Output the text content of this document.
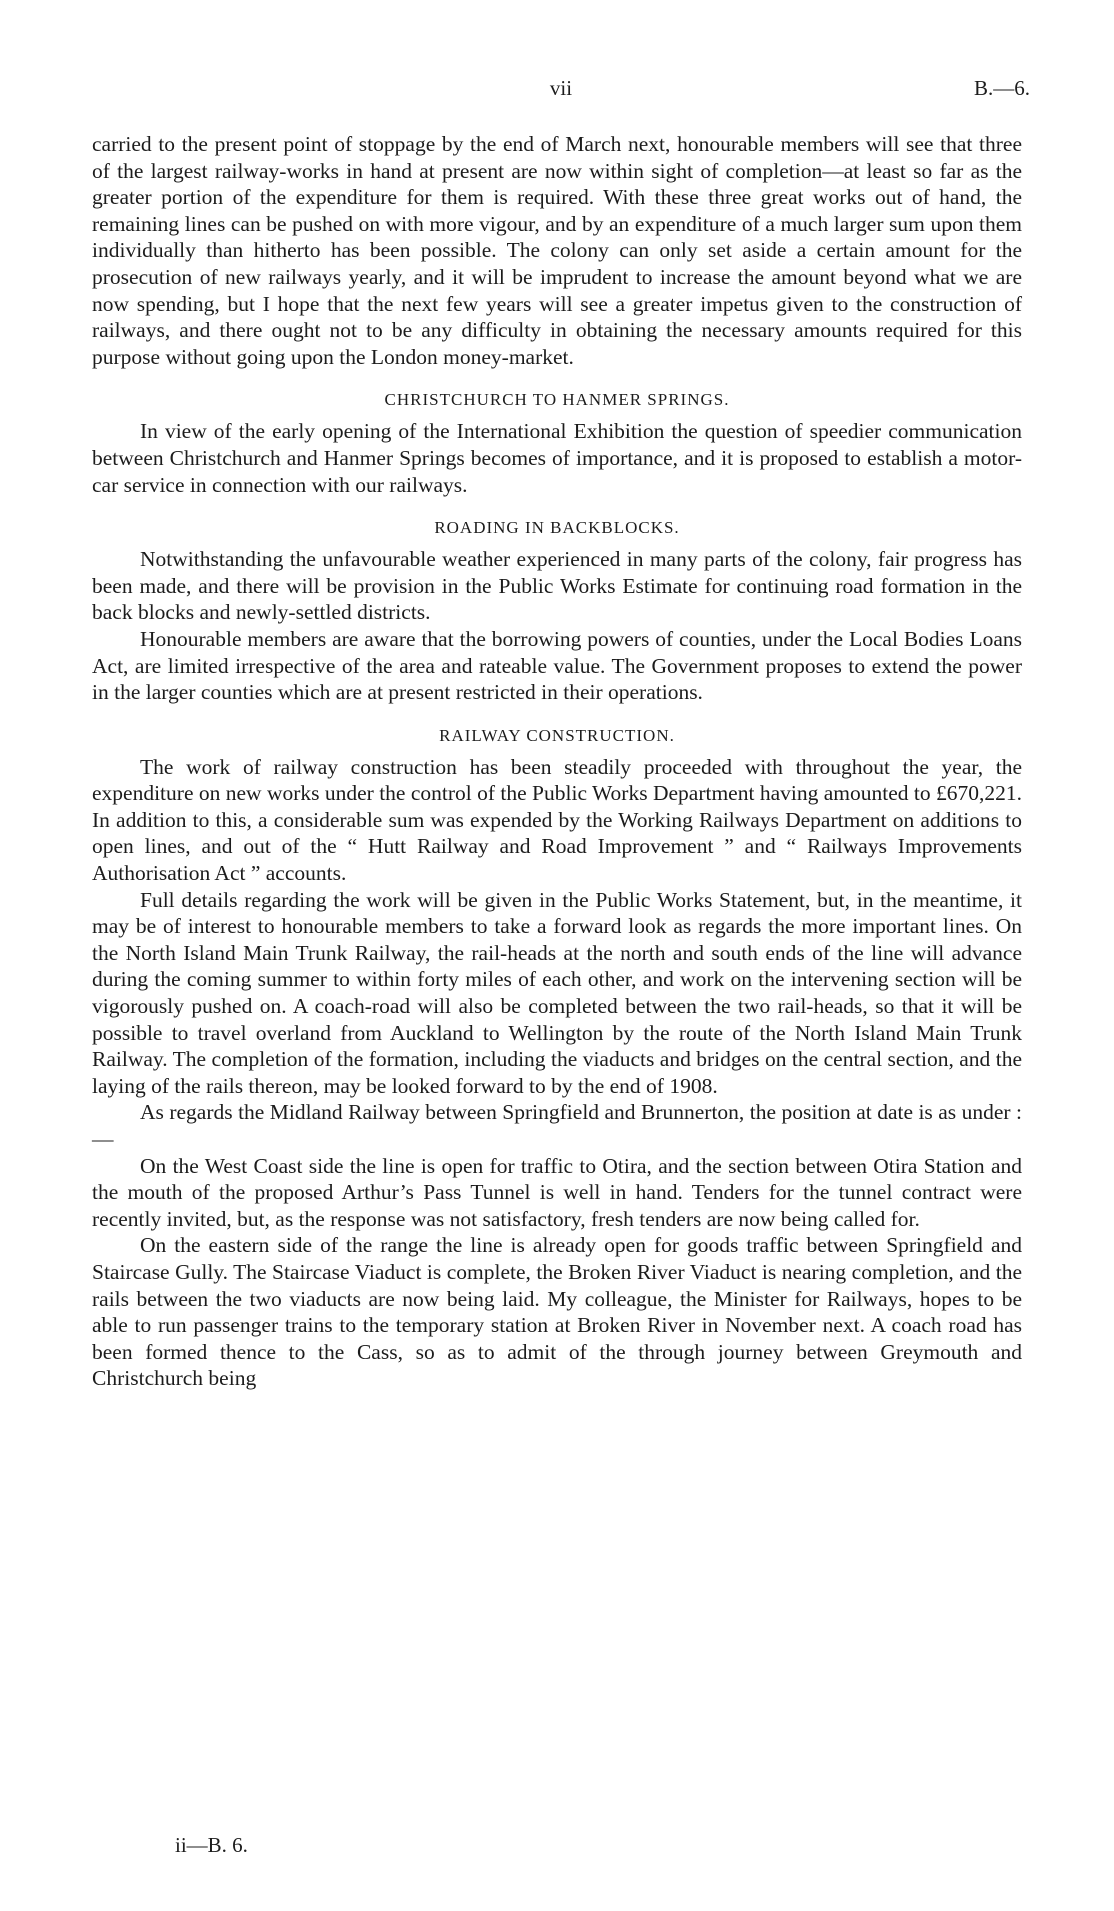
vii	B.—6.

carried to the present point of stoppage by the end of March next, honourable members will see that three of the largest railway-works in hand at present are now within sight of completion—at least so far as the greater portion of the expenditure for them is required. With these three great works out of hand, the remaining lines can be pushed on with more vigour, and by an expenditure of a much larger sum upon them individually than hitherto has been possible. The colony can only set aside a certain amount for the prosecution of new railways yearly, and it will be imprudent to increase the amount beyond what we are now spending, but I hope that the next few years will see a greater impetus given to the construction of railways, and there ought not to be any difficulty in obtaining the necessary amounts required for this purpose without going upon the London money-market.

CHRISTCHURCH TO HANMER SPRINGS.

In view of the early opening of the International Exhibition the question of speedier communication between Christchurch and Hanmer Springs becomes of importance, and it is proposed to establish a motor-car service in connection with our railways.

ROADING IN BACKBLOCKS.

Notwithstanding the unfavourable weather experienced in many parts of the colony, fair progress has been made, and there will be provision in the Public Works Estimate for continuing road formation in the back blocks and newly-settled districts.

Honourable members are aware that the borrowing powers of counties, under the Local Bodies Loans Act, are limited irrespective of the area and rateable value. The Government proposes to extend the power in the larger counties which are at present restricted in their operations.

RAILWAY CONSTRUCTION.

The work of railway construction has been steadily proceeded with throughout the year, the expenditure on new works under the control of the Public Works Department having amounted to £670,221. In addition to this, a considerable sum was expended by the Working Railways Department on additions to open lines, and out of the “ Hutt Railway and Road Improvement ” and “ Railways Improvements Authorisation Act ” accounts.

Full details regarding the work will be given in the Public Works Statement, but, in the meantime, it may be of interest to honourable members to take a forward look as regards the more important lines. On the North Island Main Trunk Railway, the rail-heads at the north and south ends of the line will advance during the coming summer to within forty miles of each other, and work on the intervening section will be vigorously pushed on. A coach-road will also be completed between the two rail-heads, so that it will be possible to travel overland from Auckland to Wellington by the route of the North Island Main Trunk Railway. The completion of the formation, including the viaducts and bridges on the central section, and the laying of the rails thereon, may be looked forward to by the end of 1908.

As regards the Midland Railway between Springfield and Brunnerton, the position at date is as under :—

On the West Coast side the line is open for traffic to Otira, and the section between Otira Station and the mouth of the proposed Arthur’s Pass Tunnel is well in hand. Tenders for the tunnel contract were recently invited, but, as the response was not satisfactory, fresh tenders are now being called for.

On the eastern side of the range the line is already open for goods traffic between Springfield and Staircase Gully. The Staircase Viaduct is complete, the Broken River Viaduct is nearing completion, and the rails between the two viaducts are now being laid. My colleague, the Minister for Railways, hopes to be able to run passenger trains to the temporary station at Broken River in November next. A coach road has been formed thence to the Cass, so as to admit of the through journey between Greymouth and Christchurch being

ii—B. 6.
